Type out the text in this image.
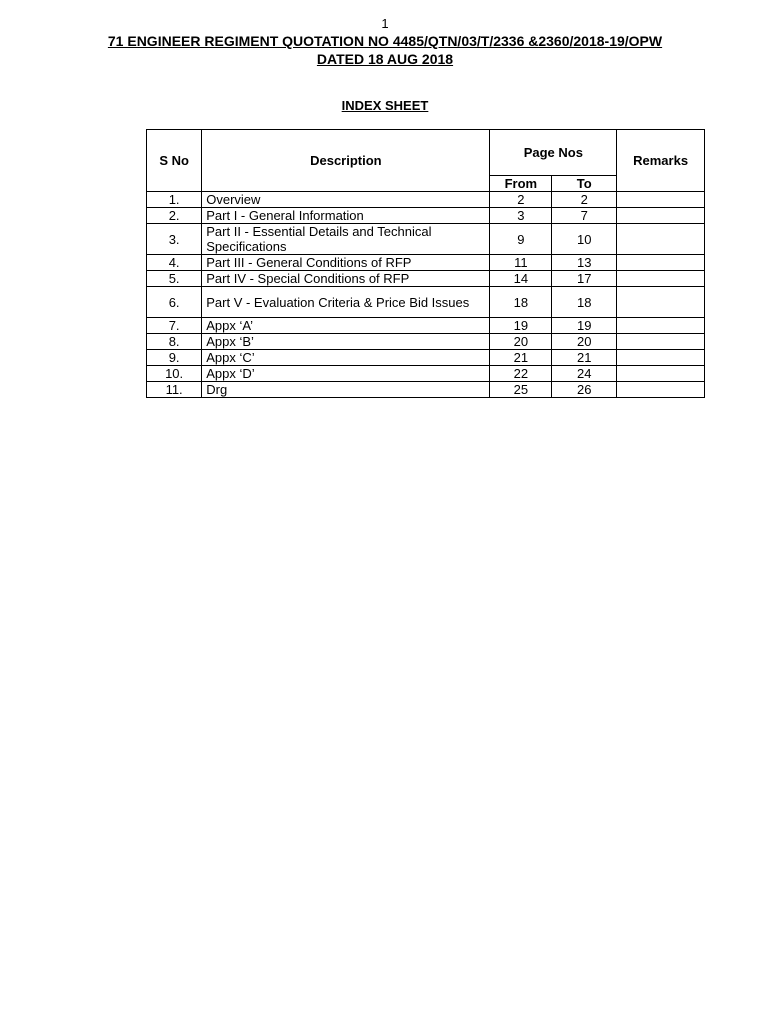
1
71 ENGINEER REGIMENT QUOTATION NO 4485/QTN/03/T/2336 &2360/2018-19/OPW
DATED 18 AUG 2018
INDEX SHEET
S No	Description	Page Nos		Remarks
		From	To	
1.	Overview	2	2	
2.	Part I - General Information	3	7	
3.	Part II - Essential Details and Technical Specifications	9	10	
4.	Part III - General Conditions of RFP	11	13	
5.	Part IV - Special Conditions of RFP	14	17	
6.	Part V - Evaluation Criteria & Price Bid Issues	18	18	
7.	Appx ‘A’	19	19	
8.	Appx ‘B’	20	20	
9.	Appx ‘C’	21	21	
10.	Appx ‘D’	22	24	
11.	Drg	25	26	
